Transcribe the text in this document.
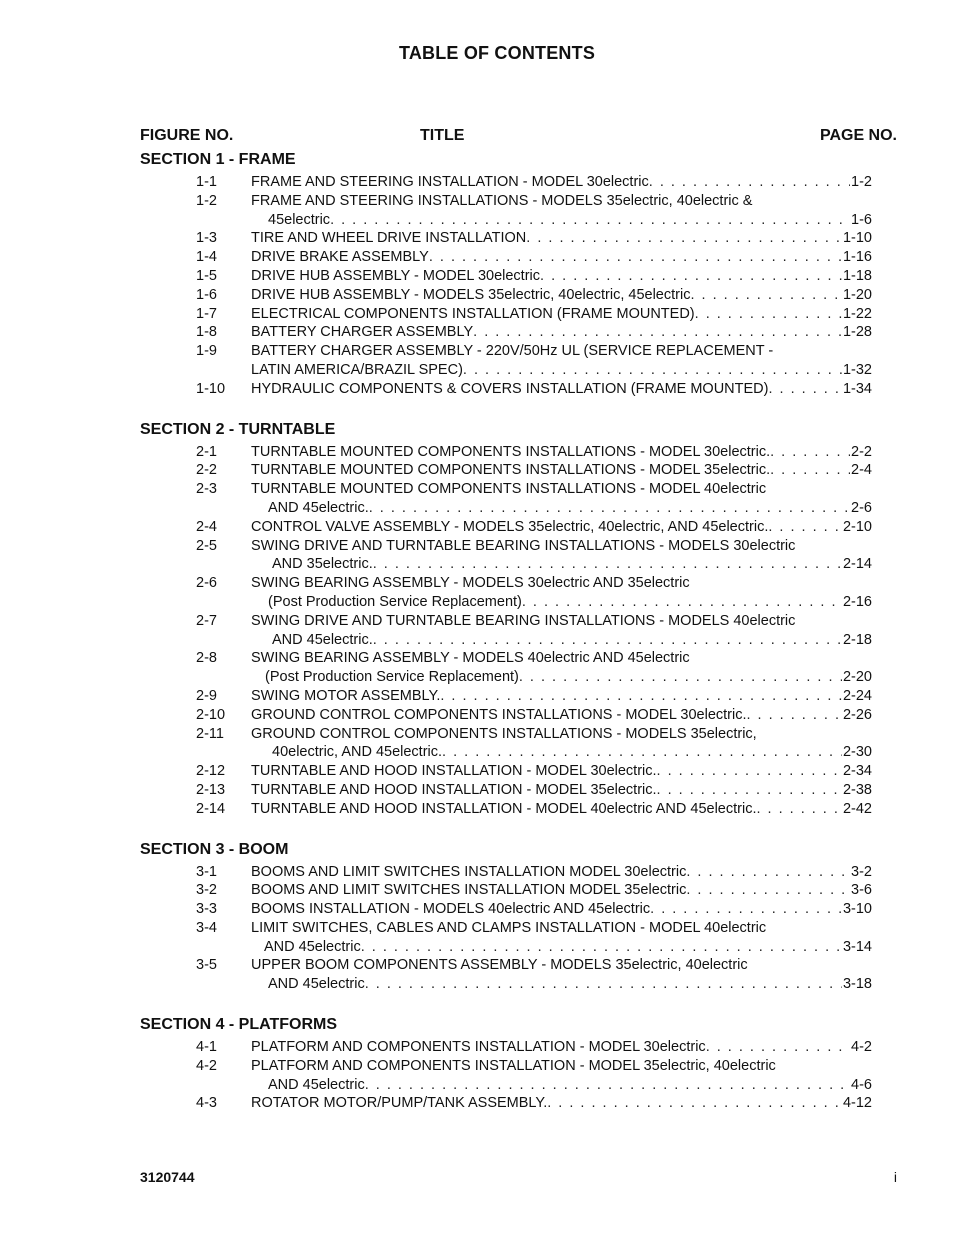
TABLE OF CONTENTS
FIGURE NO.	TITLE	PAGE NO.
SECTION 1 - FRAME
1-1 FRAME AND STEERING INSTALLATION - MODEL 30electric . . .	1-2
1-2 FRAME AND STEERING INSTALLATIONS - MODELS 35electric, 40electric &
45electric . . .	1-6
1-3 TIRE AND WHEEL DRIVE INSTALLATION . . .	1-10
1-4 DRIVE BRAKE ASSEMBLY . . .	1-16
1-5 DRIVE HUB ASSEMBLY - MODEL 30electric . . .	1-18
1-6 DRIVE HUB ASSEMBLY - MODELS 35electric, 40electric, 45electric . . .	1-20
1-7 ELECTRICAL COMPONENTS INSTALLATION (FRAME MOUNTED) . . .	1-22
1-8 BATTERY CHARGER ASSEMBLY . . .	1-28
1-9 BATTERY CHARGER ASSEMBLY - 220V/50Hz UL (SERVICE REPLACEMENT -
LATIN AMERICA/BRAZIL SPEC) . . .	1-32
1-10 HYDRAULIC COMPONENTS & COVERS INSTALLATION (FRAME MOUNTED) . . .	1-34
SECTION 2 - TURNTABLE
2-1 TURNTABLE MOUNTED COMPONENTS INSTALLATIONS - MODEL 30electric. . . .	2-2
2-2 TURNTABLE MOUNTED COMPONENTS INSTALLATIONS - MODEL 35electric. . . .	2-4
2-3 TURNTABLE MOUNTED COMPONENTS INSTALLATIONS - MODEL 40electric
AND 45electric. . . .	2-6
2-4 CONTROL VALVE ASSEMBLY - MODELS 35electric, 40electric, AND 45electric. . . .	2-10
2-5 SWING DRIVE AND TURNTABLE BEARING INSTALLATIONS - MODELS 30electric
AND 35electric. . . .	2-14
2-6 SWING BEARING ASSEMBLY - MODELS 30electric AND 35electric
(Post Production Service Replacement) . . .	2-16
2-7 SWING DRIVE AND TURNTABLE BEARING INSTALLATIONS - MODELS 40electric
AND 45electric. . . .	2-18
2-8 SWING BEARING ASSEMBLY - MODELS 40electric AND 45electric
(Post Production Service Replacement) . . .	2-20
2-9 SWING MOTOR ASSEMBLY. . . .	2-24
2-10 GROUND CONTROL COMPONENTS INSTALLATIONS - MODEL 30electric. . . .	2-26
2-11 GROUND CONTROL COMPONENTS INSTALLATIONS - MODELS 35electric,
40electric, AND 45electric. . . .	2-30
2-12 TURNTABLE AND HOOD INSTALLATION - MODEL 30electric. . . .	2-34
2-13 TURNTABLE AND HOOD INSTALLATION - MODEL 35electric. . . .	2-38
2-14 TURNTABLE AND HOOD INSTALLATION - MODEL 40electric AND 45electric. . . .	2-42
SECTION 3 - BOOM
3-1 BOOMS AND LIMIT SWITCHES INSTALLATION MODEL 30electric . . .	3-2
3-2 BOOMS AND LIMIT SWITCHES INSTALLATION MODEL 35electric . . .	3-6
3-3 BOOMS INSTALLATION - MODELS 40electric AND 45electric . . .	3-10
3-4 LIMIT SWITCHES, CABLES AND CLAMPS INSTALLATION - MODEL 40electric
AND 45electric . . .	3-14
3-5 UPPER BOOM COMPONENTS ASSEMBLY - MODELS 35electric, 40electric
AND 45electric . . .	3-18
SECTION 4 - PLATFORMS
4-1 PLATFORM AND COMPONENTS INSTALLATION - MODEL 30electric . . .	4-2
4-2 PLATFORM AND COMPONENTS INSTALLATION - MODEL 35electric, 40electric
AND 45electric . . .	4-6
4-3 ROTATOR MOTOR/PUMP/TANK ASSEMBLY. . . .	4-12
3120744	i
